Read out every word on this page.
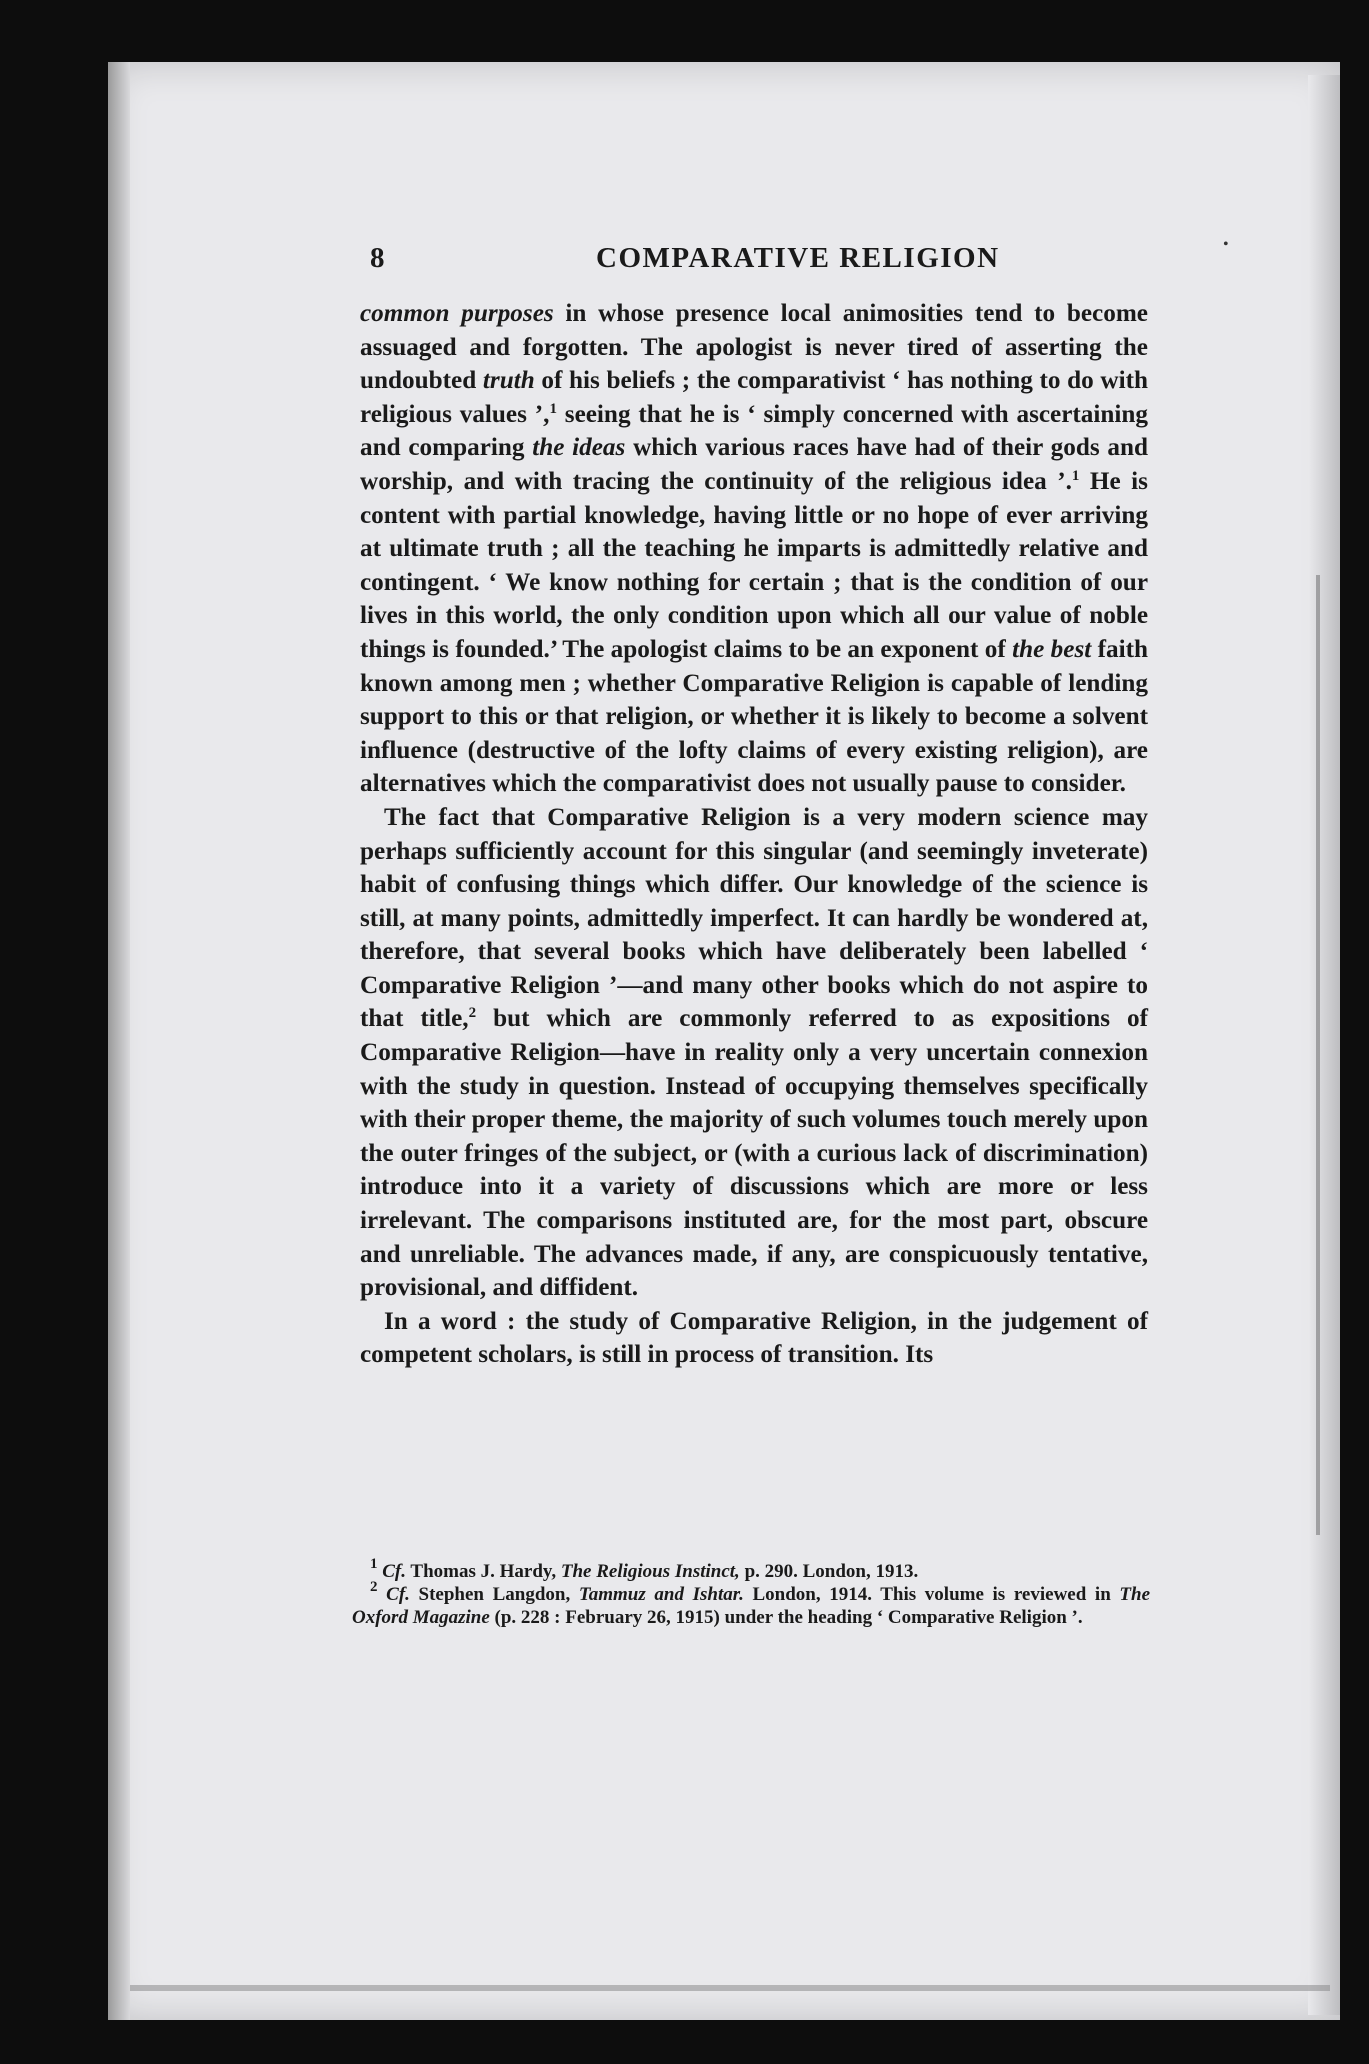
•
8	COMPARATIVE RELIGION

common purposes in whose presence local animosities tend to become assuaged and forgotten. The apologist is never tired of asserting the undoubted truth of his beliefs ; the comparativist ‘ has nothing to do with religious values ’,$^1$ seeing that he is ‘ simply concerned with ascertaining and comparing the ideas which various races have had of their gods and worship, and with tracing the continuity of the religious idea ’.$^1$ He is content with partial knowledge, having little or no hope of ever arriving at ultimate truth ; all the teaching he imparts is admittedly relative and contingent. ‘ We know nothing for certain ; that is the condition of our lives in this world, the only condition upon which all our value of noble things is founded.’ The apologist claims to be an exponent of the best faith known among men ; whether Comparative Religion is capable of lending support to this or that religion, or whether it is likely to become a solvent influence (destructive of the lofty claims of every existing religion), are alternatives which the comparativist does not usually pause to consider.

The fact that Comparative Religion is a very modern science may perhaps sufficiently account for this singular (and seemingly inveterate) habit of confusing things which differ. Our knowledge of the science is still, at many points, admittedly imperfect. It can hardly be wondered at, therefore, that several books which have deliberately been labelled ‘ Comparative Religion ’—and many other books which do not aspire to that title,$^2$ but which are commonly referred to as expositions of Comparative Religion—have in reality only a very uncertain connexion with the study in question. Instead of occupying themselves specifically with their proper theme, the majority of such volumes touch merely upon the outer fringes of the subject, or (with a curious lack of discrimination) introduce into it a variety of discussions which are more or less irrelevant. The comparisons instituted are, for the most part, obscure and unreliable. The advances made, if any, are conspicuously tentative, provisional, and diffident.

In a word : the study of Comparative Religion, in the judgement of competent scholars, is still in process of transition. Its

$^1$ Cf. Thomas J. Hardy, The Religious Instinct, p. 290. London, 1913.

$^2$ Cf. Stephen Langdon, Tammuz and Ishtar. London, 1914. This volume is reviewed in The Oxford Magazine (p. 228 : February 26, 1915) under the heading ‘ Comparative Religion ’.
